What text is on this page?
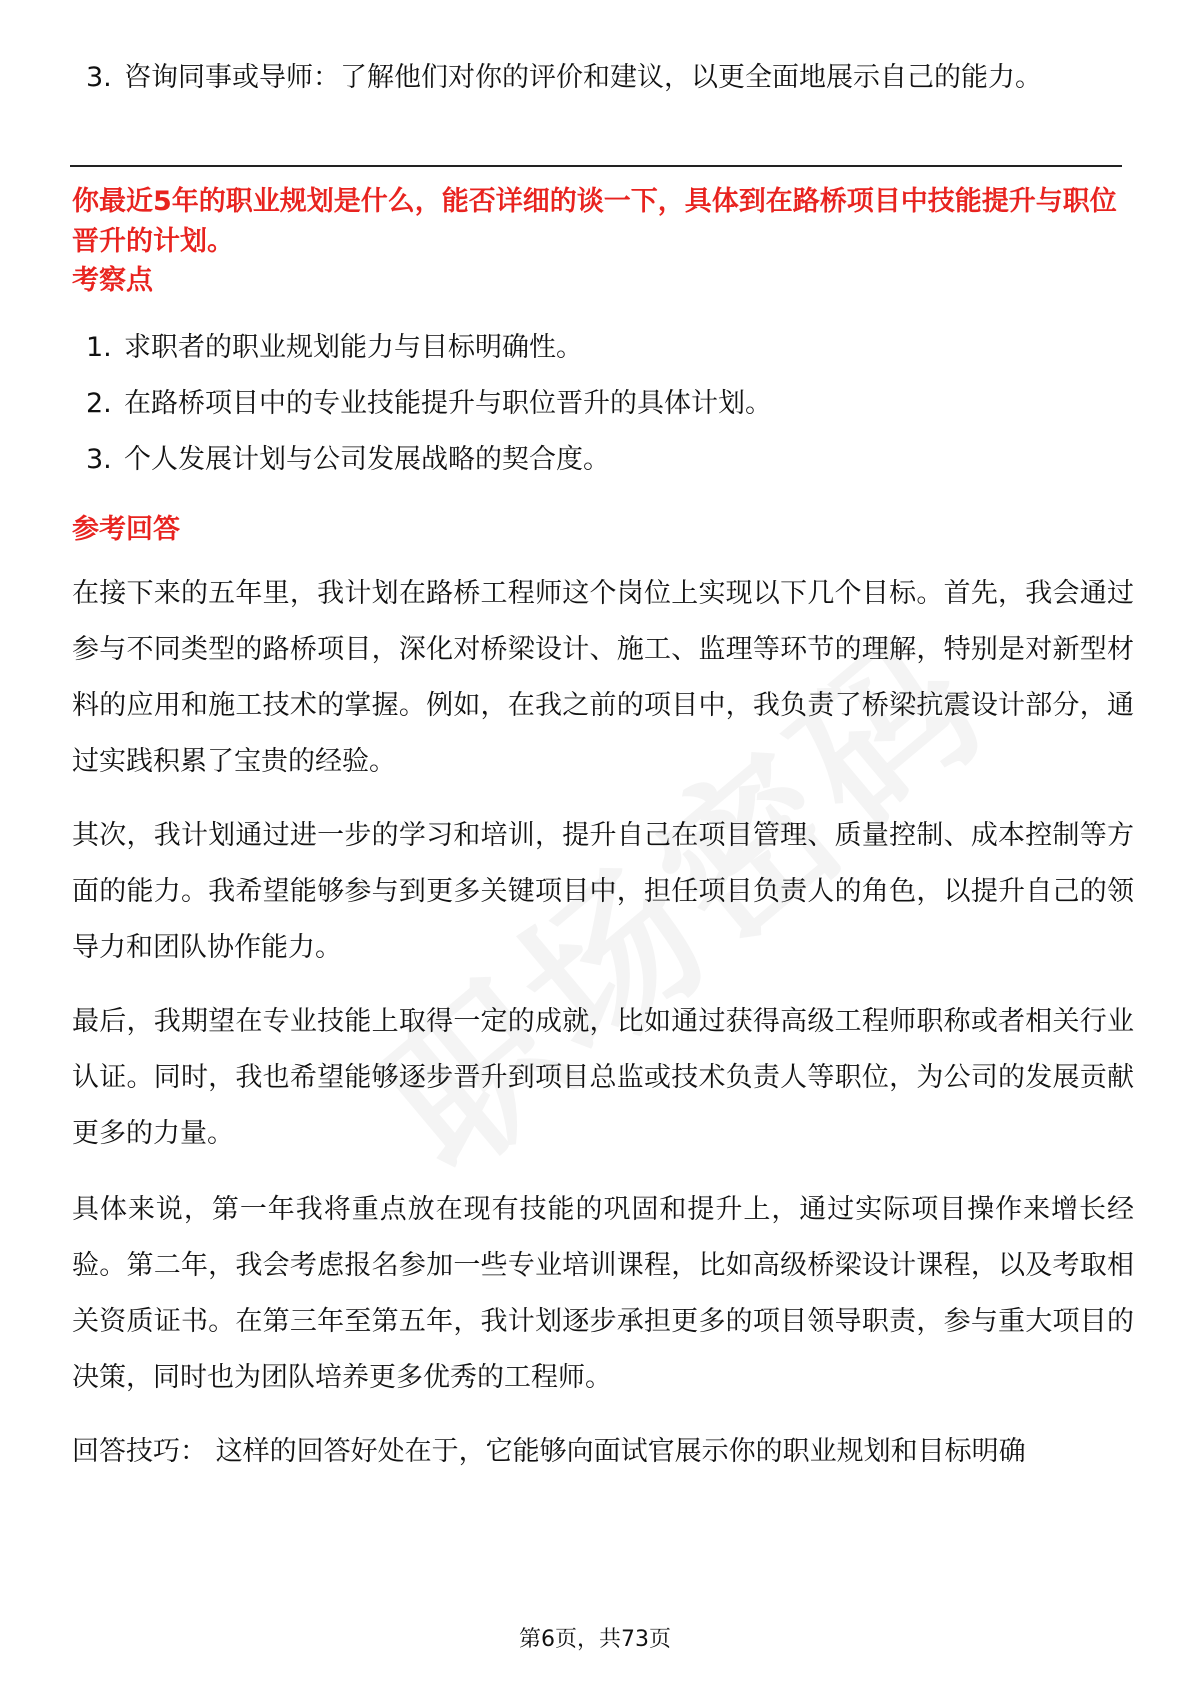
3. 咨询同事或导师：了解他们对你的评价和建议，以更全面地展示自己的能力。

你最近5年的职业规划是什么，能否详细的谈一下，具体到在路桥项目中技能提升与职位晋升的计划。

考察点

1. 求职者的职业规划能力与目标明确性。
2. 在路桥项目中的专业技能提升与职位晋升的具体计划。
3. 个人发展计划与公司发展战略的契合度。

参考回答

在接下来的五年里，我计划在路桥工程师这个岗位上实现以下几个目标。首先，我会通过参与不同类型的路桥项目，深化对桥梁设计、施工、监理等环节的理解，特别是对新型材料的应用和施工技术的掌握。例如，在我之前的项目中，我负责了桥梁抗震设计部分，通过实践积累了宝贵的经验。

其次，我计划通过进一步的学习和培训，提升自己在项目管理、质量控制、成本控制等方面的能力。我希望能够参与到更多关键项目中，担任项目负责人的角色，以提升自己的领导力和团队协作能力。

最后，我期望在专业技能上取得一定的成就，比如通过获得高级工程师职称或者相关行业认证。同时，我也希望能够逐步晋升到项目总监或技术负责人等职位，为公司的发展贡献更多的力量。

具体来说，第一年我将重点放在现有技能的巩固和提升上，通过实际项目操作来增长经验。第二年，我会考虑报名参加一些专业培训课程，比如高级桥梁设计课程，以及考取相关资质证书。在第三年至第五年，我计划逐步承担更多的项目领导职责，参与重大项目的决策，同时也为团队培养更多优秀的工程师。

回答技巧： 这样的回答好处在于，它能够向面试官展示你的职业规划和目标明确

第6页，共73页
